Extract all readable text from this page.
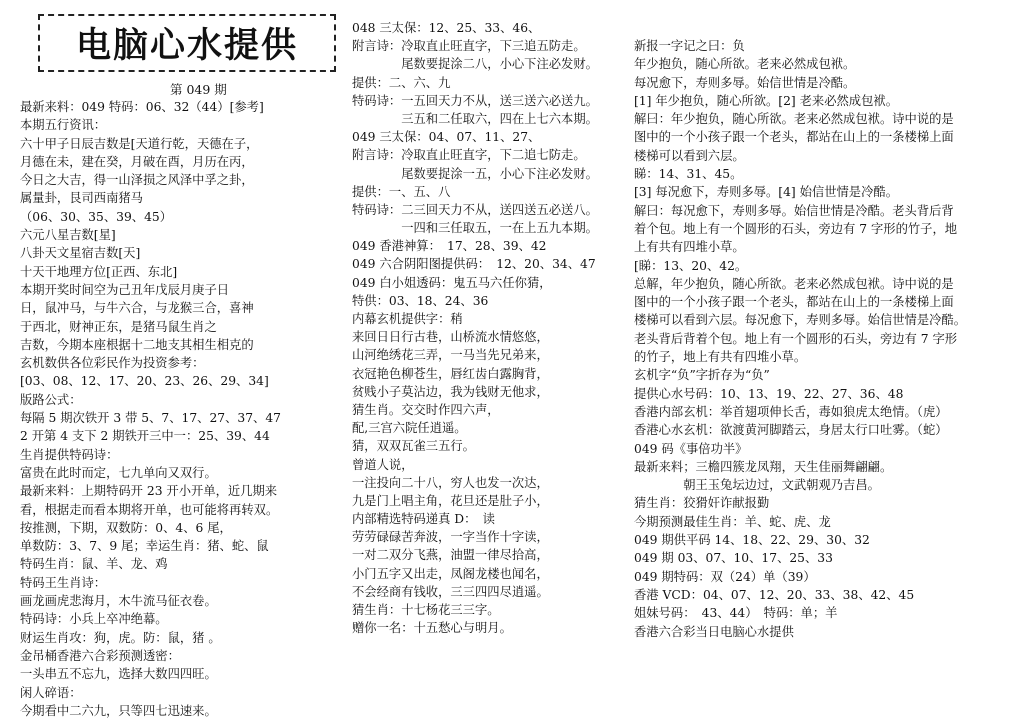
电脑心水提供
第 049 期
最新来料：049 特码：06、32（44）[参考]
本期五行资讯：
六十甲子日辰吉数是[天道行乾，天德在子，
月德在未，建在癸，月破在酉，月历在丙，
今日之大吉，得一山泽损之风泽中孚之卦，
属量卦，艮司西南猪马
（06、30、35、39、45）
六元八星吉数[星]
八卦天文星宿吉数[天]
十天干地理方位[正西、东北]
本期开奖时间空为己丑年戊辰月庚子日
日，鼠冲马，与牛六合，与龙猴三合，喜神
于西北，财神正东，是猪马鼠生肖之
吉数，今期本座根据十二地支其相生相克的
玄机数供各位彩民作为投资参考：
[03、08、12、17、20、23、26、29、34]
版路公式：
每隔 5 期次铁开 3 带 5、7、17、27、37、47
2 开第 4 支下 2 期铁开三中一：25、39、44
生肖提供特码诗：
富贵在此时而定，七九单向又双行。
最新来料：上期特码开 23 开小开单，近几期来
看，根据走而看本期将开单，也可能将再转双。
按推测，下期，双数防：0、4、6 尾，
单数防：3、7、9 尾；幸运生肖：猪、蛇、鼠
特码生肖：鼠、羊、龙、鸡
特码王生肖诗：
画龙画虎悲海月，木牛流马征衣卷。
特码诗：小兵上卒冲绝幕。
财运生肖攻：狗，虎。防：鼠，猪 。
金吊桶香港六合彩预测透密：
一头串五不忘九，选择大数四四旺。
闲人碎语：
今期看中二六九，只等四七迅速来。
048 三太保：12、25、33、46、
附言诗：冷取直止旺直字，下三追五防走。
　　　　尾数要捉涂二八，小心下注必发财。
提供：二、六、九
特码诗：一五回天力不从，送三送六必送九。
　　　　三五和二任取六，四在上七六本期。
049 三太保：04、07、11、27、
附言诗：冷取直止旺直字，下二追七防走。
　　　　尾数要捉涂一五，小心下注必发财。
提供：一、五、八
特码诗：二三回天力不从，送四送五必送八。
　　　　一四和三任取五，一在上五九本期。
049 香港神算：　17、28、39、42
049 六合阴阳图提供码：　12、20、34、47
049 白小姐透码：鬼五马六任你猜，
特供：03、18、24、36
内幕玄机提供字：稍
来回日日行古巷，山桥流水情悠悠，
山河绝绣花三弄，一马当先兄弟来，
衣冠艳色柳苍生，唇红齿白露胸背，
贫贱小子莫沾边，我为钱财无他求，
猜生肖。交交时作四六声，
配,三宫六院任逍遥。
猜，双双瓦雀三五行。
曾道人说，
一注投向二十八，穷人也发一次达，
九是门上唱主角，花旦还是肚子小，
内部精选特码递真 D：　读
劳劳碌碌苦奔波，一字当作十字读，
一对二双分飞燕，油盟一律尽拾高，
小门五字又出走，凤阁龙楼也闻名，
不会经商有钱收，三三四四尽逍遥。
猜生肖：十七杨花三三字。
赠你一名：十五愁心与明月。
新报一字记之曰：负
年少抱负，随心所欲。老来必然成包袱。
每况愈下，寿则多辱。始信世情是冷酷。
[1] 年少抱负，随心所欲。[2] 老来必然成包袱。
解曰：年少抱负，随心所欲。老来必然成包袱。诗中说的是
图中的一个小孩子跟一个老头，都站在山上的一条楼梯上面
楼梯可以看到六层。
睇：14、31、45。
[3] 每况愈下，寿则多辱。[4] 始信世情是冷酷。
解曰：每况愈下，寿则多辱。始信世情是冷酷。老头背后背
着个包。地上有一个圆形的石头，旁边有 7 字形的竹子，地
上有共有四堆小草。
[睇：13、20、42。
总解，年少抱负，随心所欲。老来必然成包袱。诗中说的是
图中的一个小孩子跟一个老头，都站在山上的一条楼梯上面
楼梯可以看到六层。每况愈下，寿则多辱。始信世情是冷酷。
老头背后背着个包。地上有一个圆形的石头，旁边有 7 字形
的竹子，地上有共有四堆小草。
玄机字“负”字折存为“负”
提供心水号码：10、13、19、22、27、36、48
香港内部玄机：举首翅项伸长舌，毒如狼虎太绝情。（虎）
香港心水玄机：欲渡黄河脚踏云，身居太行口吐雾。（蛇）
049 码《事倍功半》
最新来料；三檐四簇龙凤翔，天生佳丽舞翩翩。
　　　　朝王玉兔坛边过，文武朝观乃吉昌。
猜生肖：狡猾奸诈献报勤
今期预测最佳生肖：羊、蛇、虎、龙
049 期供平码 14、18、22、29、30、32
049 期 03、07、10、17、25、33
049 期特码：双（24）单（39）
香港 VCD：04、07、12、20、33、38、42、45
姐妹号码：　43、44）　特码：单；羊
香港六合彩当日电脑心水提供
